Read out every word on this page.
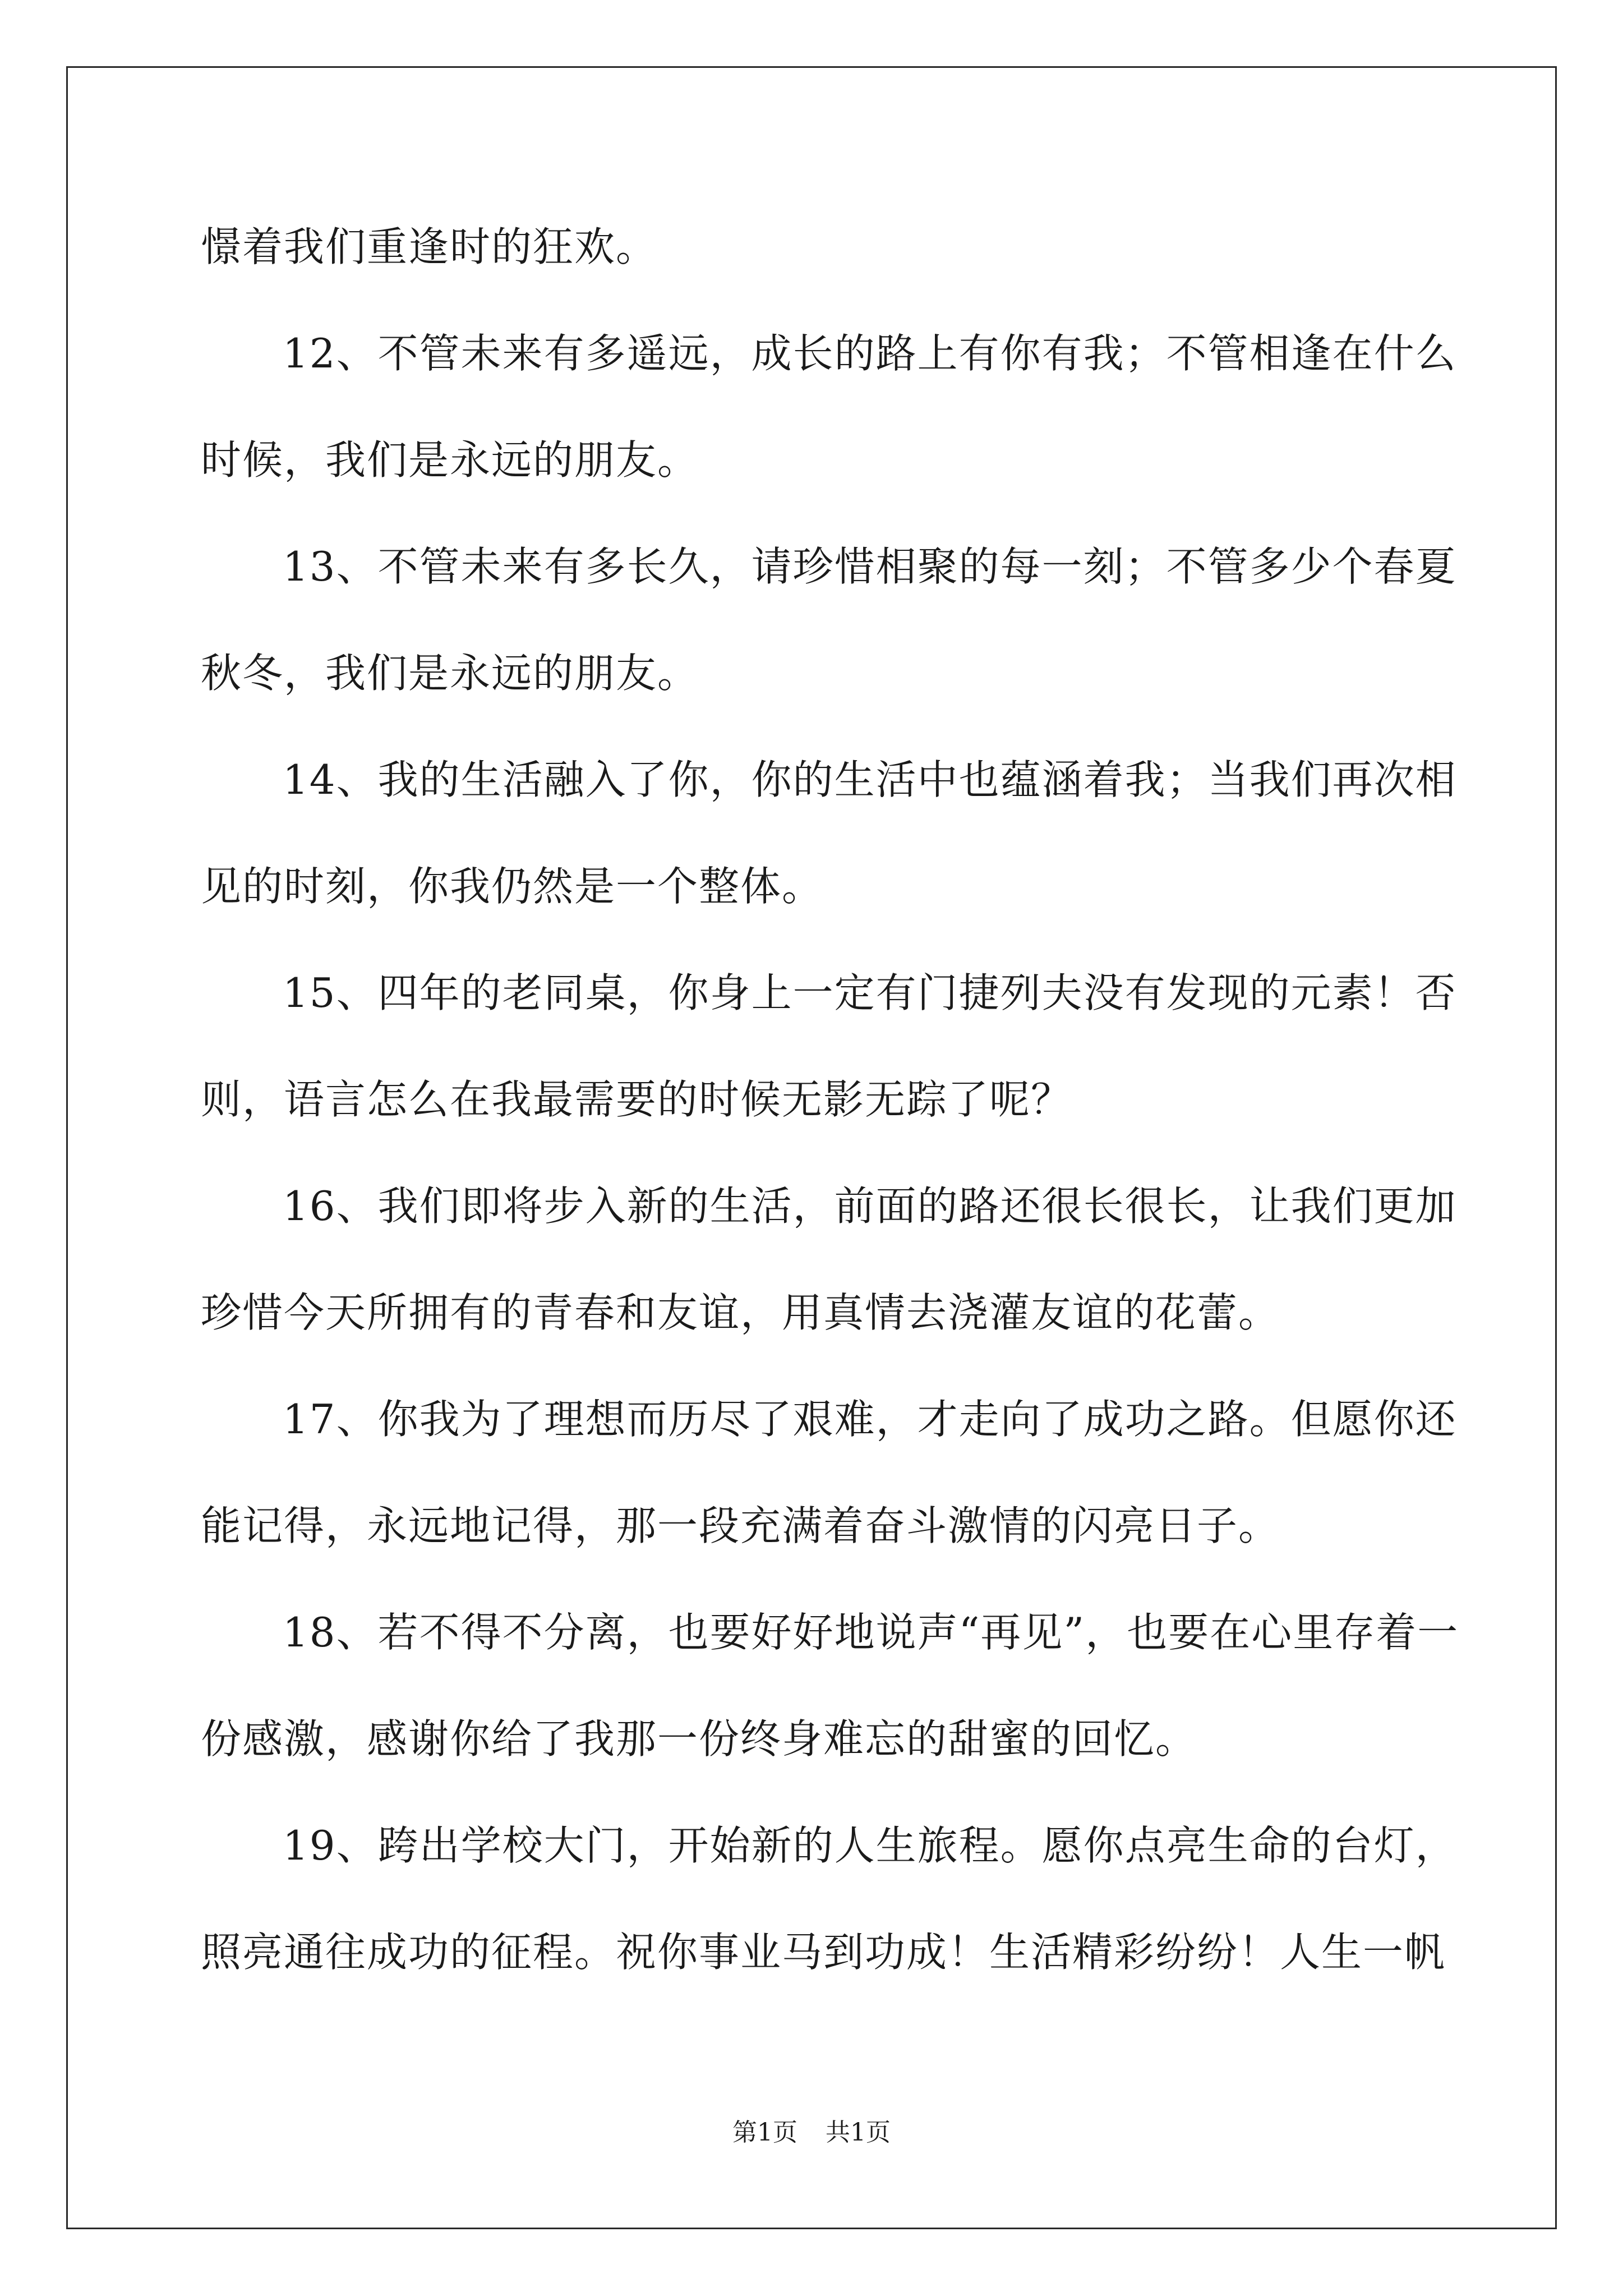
憬着我们重逢时的狂欢。
12、不管未来有多遥远，成长的路上有你有我；不管相逢在什么
时候，我们是永远的朋友。
13、不管未来有多长久，请珍惜相聚的每一刻；不管多少个春夏
秋冬，我们是永远的朋友。
14、我的生活融入了你，你的生活中也蕴涵着我；当我们再次相
见的时刻，你我仍然是一个整体。
15、四年的老同桌，你身上一定有门捷列夫没有发现的元素！否
则，语言怎么在我最需要的时候无影无踪了呢？
16、我们即将步入新的生活，前面的路还很长很长，让我们更加
珍惜今天所拥有的青春和友谊，用真情去浇灌友谊的花蕾。
17、你我为了理想而历尽了艰难，才走向了成功之路。但愿你还
能记得，永远地记得，那一段充满着奋斗激情的闪亮日子。
18、若不得不分离，也要好好地说声“再见”，也要在心里存着一
份感激，感谢你给了我那一份终身难忘的甜蜜的回忆。
19、跨出学校大门，开始新的人生旅程。愿你点亮生命的台灯，
照亮通往成功的征程。祝你事业马到功成！生活精彩纷纷！人生一帆
第1页 共1页
